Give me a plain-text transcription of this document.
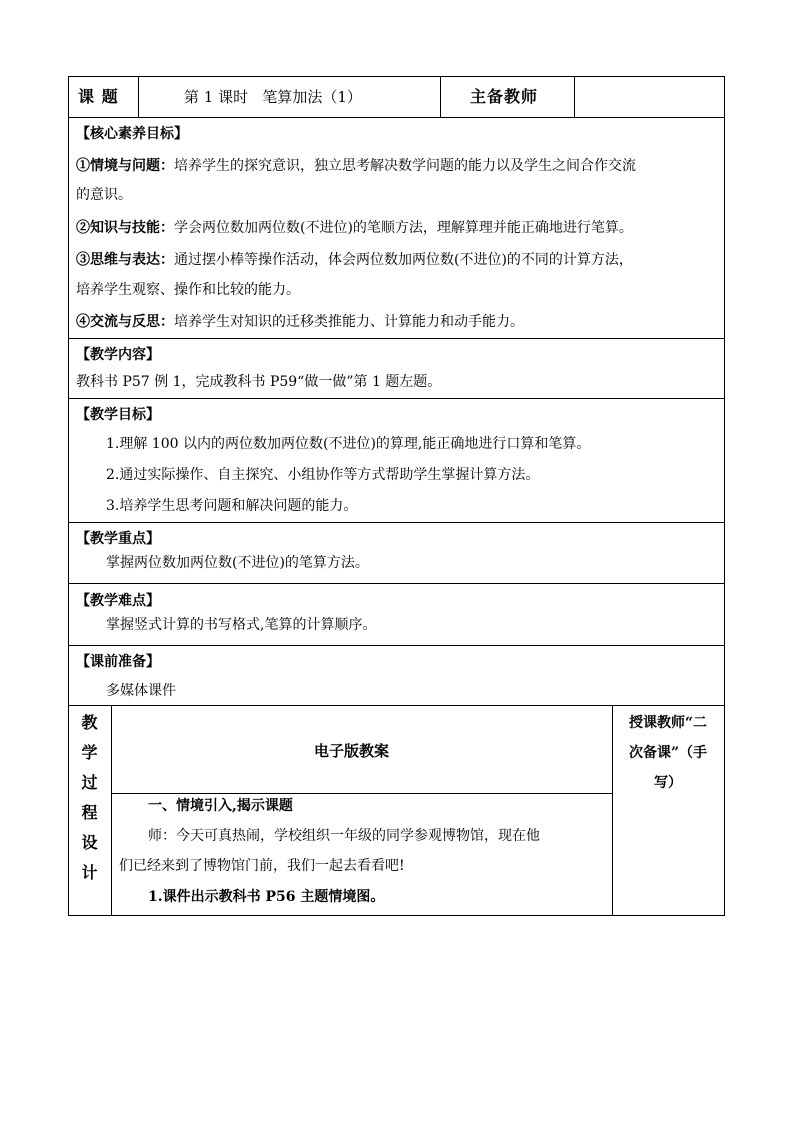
课 题	第 1 课时   笔算加法（1）	主备教师
【核心素养目标】
①情境与问题：培养学生的探究意识，独立思考解决数学问题的能力以及学生之间合作交流
的意识。
②知识与技能：学会两位数加两位数(不进位)的笔顺方法，理解算理并能正确地进行笔算。
③思维与表达：通过摆小棒等操作活动，体会两位数加两位数(不进位)的不同的计算方法，
培养学生观察、操作和比较的能力。
④交流与反思：培养学生对知识的迁移类推能力、计算能力和动手能力。
【教学内容】
教科书 P57 例 1，完成教科书 P59“做一做”第 1 题左题。
【教学目标】
1.理解 100 以内的两位数加两位数(不进位)的算理,能正确地进行口算和笔算。
2.通过实际操作、自主探究、小组协作等方式帮助学生掌握计算方法。
3.培养学生思考问题和解决问题的能力。
【教学重点】
掌握两位数加两位数(不进位)的笔算方法。
【教学难点】
掌握竖式计算的书写格式,笔算的计算顺序。
【课前准备】
多媒体课件
教
学
过
程
设
计
电子版教案
授课教师“二
次备课”（手
写）
一、情境引入,揭示课题
师：今天可真热闹，学校组织一年级的同学参观博物馆，现在他
们已经来到了博物馆门前，我们一起去看看吧!
1.课件出示教科书 P56 主题情境图。
